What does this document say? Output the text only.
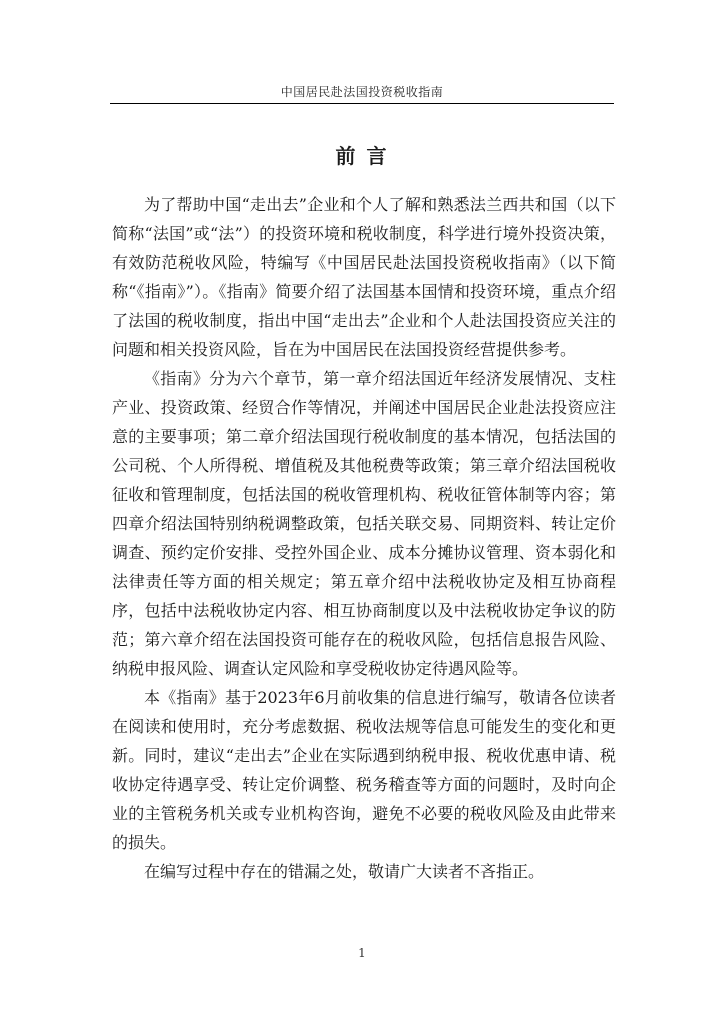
中国居民赴法国投资税收指南
前 言

为了帮助中国“走出去”企业和个人了解和熟悉法兰西共和国（以下简称“法国”或“法”）的投资环境和税收制度，科学进行境外投资决策，有效防范税收风险，特编写《中国居民赴法国投资税收指南》（以下简称“《指南》”）。《指南》简要介绍了法国基本国情和投资环境，重点介绍了法国的税收制度，指出中国“走出去”企业和个人赴法国投资应关注的问题和相关投资风险，旨在为中国居民在法国投资经营提供参考。

《指南》分为六个章节，第一章介绍法国近年经济发展情况、支柱产业、投资政策、经贸合作等情况，并阐述中国居民企业赴法投资应注意的主要事项；第二章介绍法国现行税收制度的基本情况，包括法国的公司税、个人所得税、增值税及其他税费等政策；第三章介绍法国税收征收和管理制度，包括法国的税收管理机构、税收征管体制等内容；第四章介绍法国特别纳税调整政策，包括关联交易、同期资料、转让定价调查、预约定价安排、受控外国企业、成本分摊协议管理、资本弱化和法律责任等方面的相关规定；第五章介绍中法税收协定及相互协商程序，包括中法税收协定内容、相互协商制度以及中法税收协定争议的防范；第六章介绍在法国投资可能存在的税收风险，包括信息报告风险、纳税申报风险、调查认定风险和享受税收协定待遇风险等。

本《指南》基于2023年6月前收集的信息进行编写，敬请各位读者在阅读和使用时，充分考虑数据、税收法规等信息可能发生的变化和更新。同时，建议“走出去”企业在实际遇到纳税申报、税收优惠申请、税收协定待遇享受、转让定价调整、税务稽查等方面的问题时，及时向企业的主管税务机关或专业机构咨询，避免不必要的税收风险及由此带来的损失。

在编写过程中存在的错漏之处，敬请广大读者不吝指正。

1
